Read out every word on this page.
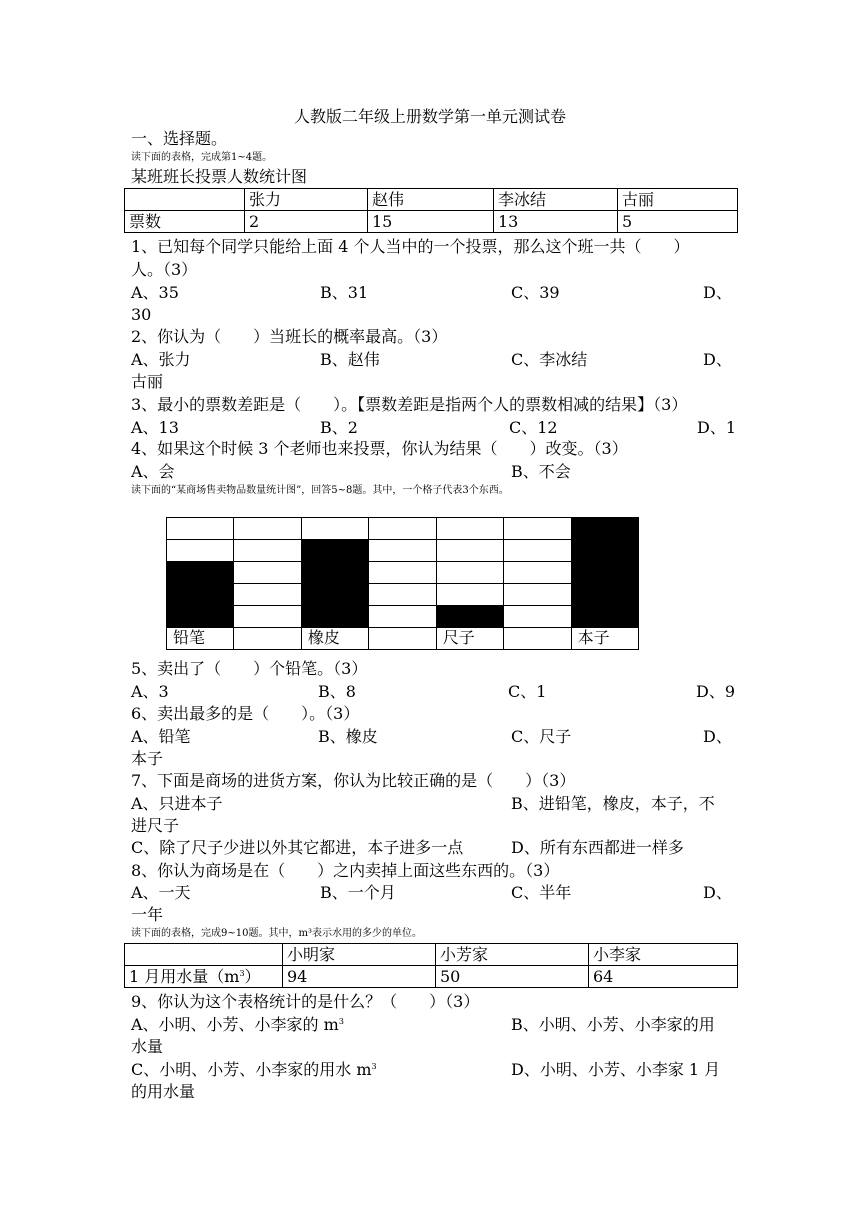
人教版二年级上册数学第一单元测试卷
一、选择题。
读下面的表格，完成第1~4题。
某班班长投票人数统计图
	张力	赵伟	李冰结	古丽
票数	2	15	13	5
1、已知每个同学只能给上面 4 个人当中的一个投票，那么这个班一共（　　）
人。（3）
A、35	B、31	C、39	D、
30
2、你认为（　　）当班长的概率最高。（3）
A、张力	B、赵伟	C、李冰结	D、
古丽
3、最小的票数差距是（　　）。【票数差距是指两个人的票数相减的结果】（3）
A、13	B、2	C、12	D、1
4、如果这个时候 3 个老师也来投票，你认为结果（　　）改变。（3）
A、会	B、不会
读下面的“某商场售卖物品数量统计图”，回答5~8题。其中，一个格子代表3个东西。
铅笔	橡皮	尺子	本子
5、卖出了（　　）个铅笔。（3）
A、3	B、8	C、1	D、9
6、卖出最多的是（　　）。（3）
A、铅笔	B、橡皮	C、尺子	D、
本子
7、下面是商场的进货方案，你认为比较正确的是（　　）（3）
A、只进本子	B、进铅笔，橡皮，本子，不
进尺子
C、除了尺子少进以外其它都进，本子进多一点	D、所有东西都进一样多
8、你认为商场是在（　　）之内卖掉上面这些东西的。（3）
A、一天	B、一个月	C、半年	D、
一年
读下面的表格，完成9~10题。其中，m³表示水用的多少的单位。
	小明家	小芳家	小李家
1 月用水量$(m^3)$	94	50	64
9、你认为这个表格统计的是什么？（　　）（3）
A、小明、小芳、小李家的 $m^3$	B、小明、小芳、小李家的用
水量
C、小明、小芳、小李家的用水 $m^3$	D、小明、小芳、小李家 1 月
的用水量
